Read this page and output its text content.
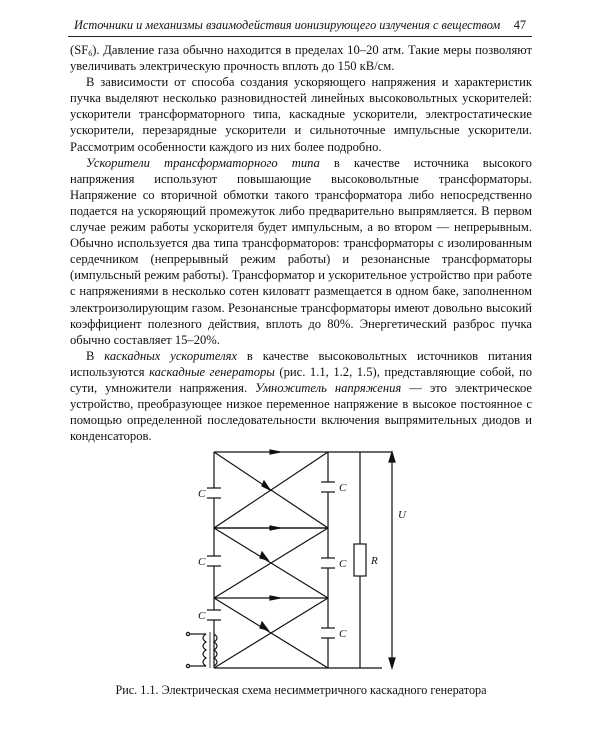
Источники и механизмы взаимодействия ионизирующего излучения с веществом 47

$(SF_6)$. Давление газа обычно находится в пределах 10–20 атм. Такие меры позволяют увеличивать электрическую прочность вплоть до 150 кВ/см.

В зависимости от способа создания ускоряющего напряжения и характеристик пучка выделяют несколько разновидностей линейных высоковольтных ускорителей: ускорители трансформаторного типа, каскадные ускорители, электростатические ускорители, перезарядные ускорители и сильноточные импульсные ускорители. Рассмотрим особенности каждого из них более подробно.

Ускорители трансформаторного типа в качестве источника высокого напряжения используют повышающие высоковольтные трансформаторы. Напряжение со вторичной обмотки такого трансформатора либо непосредственно подается на ускоряющий промежуток либо предварительно выпрямляется. В первом случае режим работы ускорителя будет импульсным, а во втором — непрерывным. Обычно используется два типа трансформаторов: трансформаторы с изолированным сердечником (непрерывный режим работы) и резонансные трансформаторы (импульсный режим работы). Трансформатор и ускорительное устройство при работе с напряжениями в несколько сотен киловатт размещается в одном баке, заполненном электроизолирующим газом. Резонансные трансформаторы имеют довольно высокий коэффициент полезного действия, вплоть до 80%. Энергетический разброс пучка обычно составляет 15–20%.

В каскадных ускорителях в качестве высоковольтных источников питания используются каскадные генераторы (рис. 1.1, 1.2, 1.5), представляющие собой, по сути, умножители напряжения. Умножитель напряжения — это электрическое устройство, преобразующее низкое переменное напряжение в высокое постоянное с помощью определенной последовательности включения выпрямительных диодов и конденсаторов.

C
C
C
C
C
C
R
U
Рис. 1.1. Электрическая схема несимметричного каскадного генератора
